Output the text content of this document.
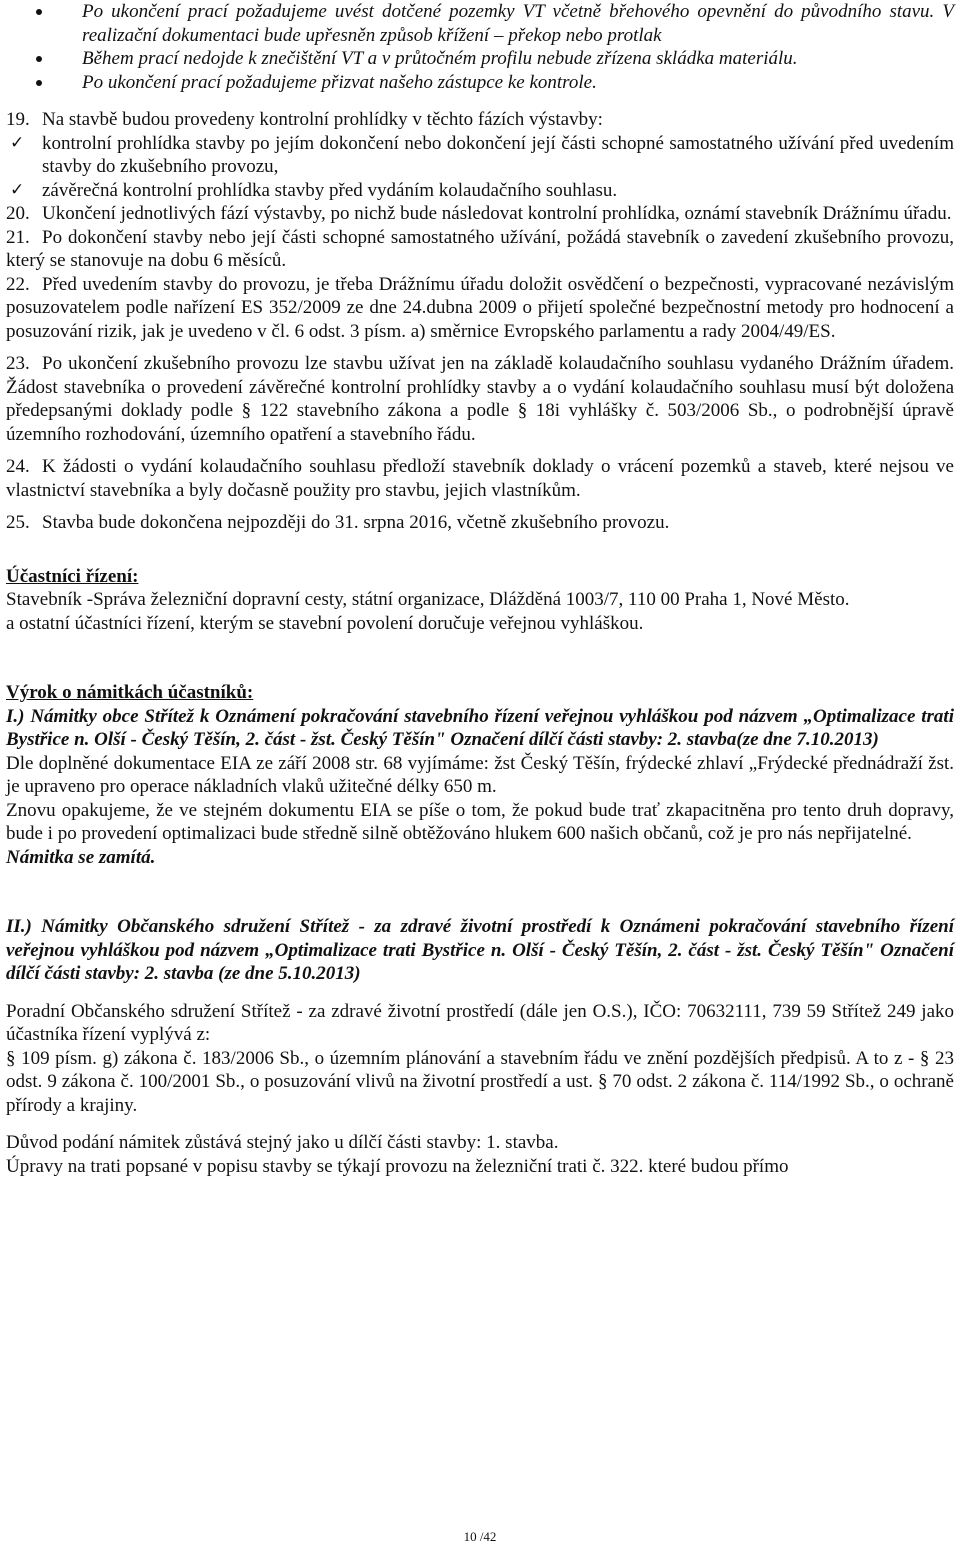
Po ukončení prací požadujeme uvést dotčené pozemky VT včetně břehového opevnění do původního stavu. V realizační dokumentaci bude upřesněn způsob křížení – překop nebo protlak
Během prací nedojde k znečištění VT a v průtočném profilu nebude zřízena skládka materiálu.
Po ukončení prací požadujeme přizvat našeho zástupce ke kontrole.

19. Na stavbě budou provedeny kontrolní prohlídky v těchto fázích výstavby:

✓ kontrolní prohlídka stavby po jejím dokončení nebo dokončení její části schopné samostatného užívání před uvedením stavby do zkušebního provozu,
✓ závěrečná kontrolní prohlídka stavby před vydáním kolaudačního souhlasu.

20. Ukončení jednotlivých fází výstavby, po nichž bude následovat kontrolní prohlídka, oznámí stavebník Drážnímu úřadu.

21. Po dokončení stavby nebo její části schopné samostatného užívání, požádá stavebník o zavedení zkušebního provozu, který se stanovuje na dobu 6 měsíců.

22. Před uvedením stavby do provozu, je třeba Drážnímu úřadu doložit osvědčení o bezpečnosti, vypracované nezávislým posuzovatelem podle nařízení ES 352/2009 ze dne 24.dubna 2009 o přijetí společné bezpečnostní metody pro hodnocení a posuzování rizik, jak je uvedeno v čl. 6 odst. 3 písm. a) směrnice Evropského parlamentu a rady 2004/49/ES.

23. Po ukončení zkušebního provozu lze stavbu užívat jen na základě kolaudačního souhlasu vydaného Drážním úřadem. Žádost stavebníka o provedení závěrečné kontrolní prohlídky stavby a o vydání kolaudačního souhlasu musí být doložena předepsanými doklady podle § 122 stavebního zákona a podle § 18i vyhlášky č. 503/2006 Sb., o podrobnější úpravě územního rozhodování, územního opatření a stavebního řádu.

24. K žádosti o vydání kolaudačního souhlasu předloží stavebník doklady o vrácení pozemků a staveb, které nejsou ve vlastnictví stavebníka a byly dočasně použity pro stavbu, jejich vlastníkům.

25. Stavba bude dokončena nejpozději do 31. srpna 2016, včetně zkušebního provozu.

Účastníci řízení:

Stavebník -Správa železniční dopravní cesty, státní organizace, Dlážděná 1003/7, 110 00 Praha 1, Nové Město.

a ostatní účastníci řízení, kterým se stavební povolení doručuje veřejnou vyhláškou.

Výrok o námitkách účastníků:

I.) Námitky obce Střítež k Oznámení pokračování stavebního řízení veřejnou vyhláškou pod názvem „Optimalizace trati Bystřice n. Olší - Český Těšín, 2. část - žst. Český Těšín" Označení dílčí části stavby: 2. stavba(ze dne 7.10.2013)

Dle doplněné dokumentace EIA ze září 2008 str. 68 vyjímáme: žst Český Těšín, frýdecké zhlaví „Frýdecké přednádraží žst. je upraveno pro operace nákladních vlaků užitečné délky 650 m.

Znovu opakujeme, že ve stejném dokumentu EIA se píše o tom, že pokud bude trať zkapacitněna pro tento druh dopravy, bude i po provedení optimalizaci bude středně silně obtěžováno hlukem 600 našich občanů, což je pro nás nepřijatelné.

Námitka se zamítá.

II.) Námitky Občanského sdružení Střítež - za zdravé životní prostředí k Oznámeni pokračování stavebního řízení veřejnou vyhláškou pod názvem „Optimalizace trati Bystřice n. Olší - Český Těšín, 2. část - žst. Český Těšín" Označení dílčí části stavby: 2. stavba (ze dne 5.10.2013)

Poradní Občanského sdružení Střítež - za zdravé životní prostředí (dále jen O.S.), IČO: 70632111, 739 59 Střítež 249 jako účastníka řízení vyplývá z:

§ 109 písm. g) zákona č. 183/2006 Sb., o územním plánování a stavebním řádu ve znění pozdějších předpisů. A to z - § 23 odst. 9 zákona č. 100/2001 Sb., o posuzování vlivů na životní prostředí a ust. § 70 odst. 2 zákona č. 114/1992 Sb., o ochraně přírody a krajiny.

Důvod podání námitek zůstává stejný jako u dílčí části stavby: 1. stavba.

Úpravy na trati popsané v popisu stavby se týkají provozu na železniční trati č. 322. které budou přímo

10 /42
